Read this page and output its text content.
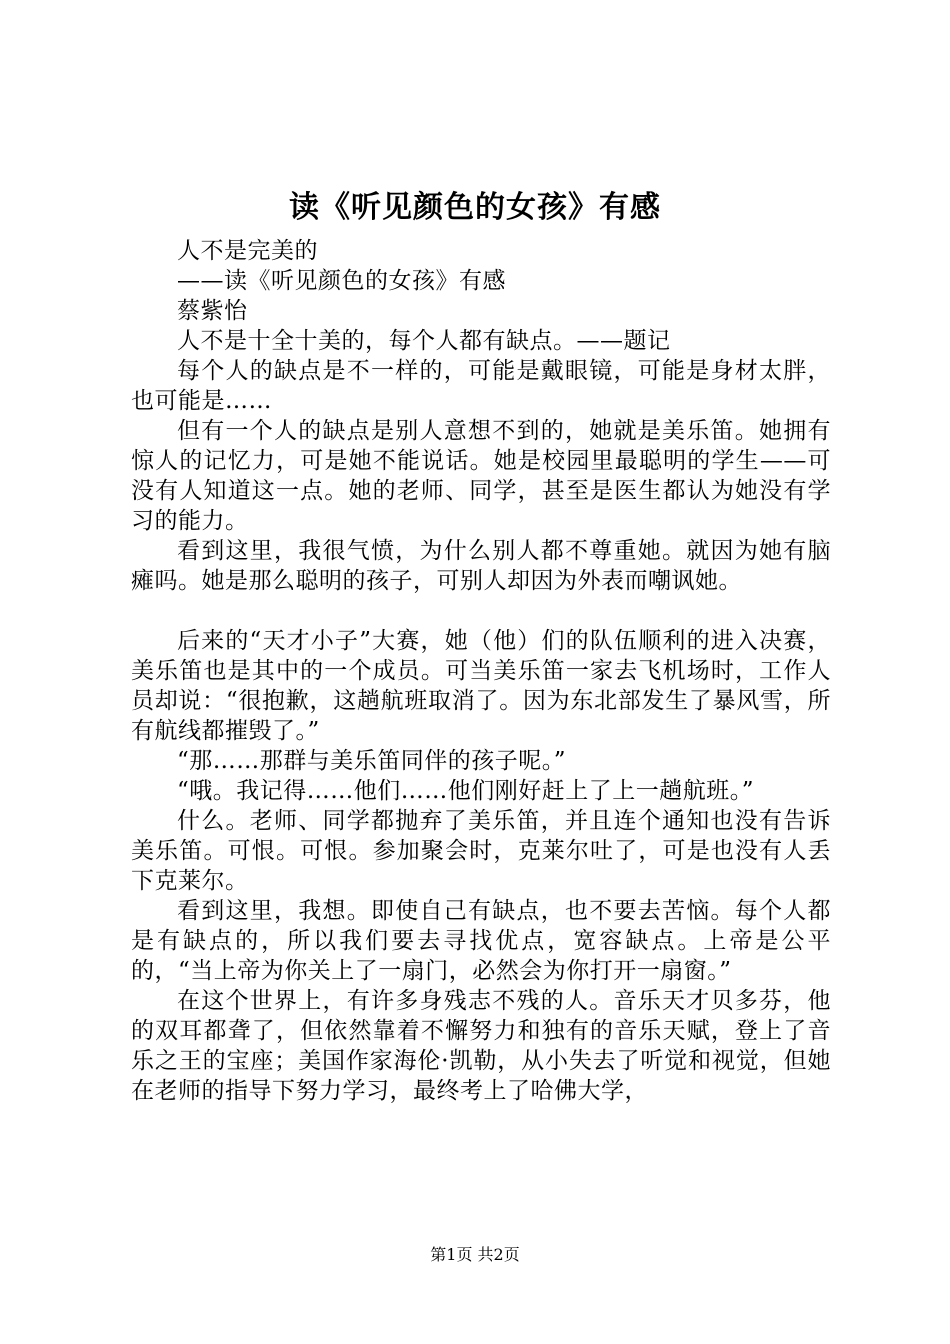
读《听见颜色的女孩》有感

人不是完美的

——读《听见颜色的女孩》有感

蔡紫怡

人不是十全十美的，每个人都有缺点。——题记

每个人的缺点是不一样的，可能是戴眼镜，可能是身材太胖，也可能是……

但有一个人的缺点是别人意想不到的，她就是美乐笛。她拥有惊人的记忆力，可是她不能说话。她是校园里最聪明的学生——可没有人知道这一点。她的老师、同学，甚至是医生都认为她没有学习的能力。

看到这里，我很气愤，为什么别人都不尊重她。就因为她有脑瘫吗。她是那么聪明的孩子，可别人却因为外表而嘲讽她。

后来的“天才小子”大赛，她（他）们的队伍顺利的进入决赛，美乐笛也是其中的一个成员。可当美乐笛一家去飞机场时，工作人员却说：“很抱歉，这趟航班取消了。因为东北部发生了暴风雪，所有航线都摧毁了。”

“那……那群与美乐笛同伴的孩子呢。”

“哦。我记得……他们……他们刚好赶上了上一趟航班。”

什么。老师、同学都抛弃了美乐笛，并且连个通知也没有告诉美乐笛。可恨。可恨。参加聚会时，克莱尔吐了，可是也没有人丢下克莱尔。

看到这里，我想。即使自己有缺点，也不要去苦恼。每个人都是有缺点的，所以我们要去寻找优点，宽容缺点。上帝是公平的，“当上帝为你关上了一扇门，必然会为你打开一扇窗。”

在这个世界上，有许多身残志不残的人。音乐天才贝多芬，他的双耳都聋了，但依然靠着不懈努力和独有的音乐天赋，登上了音乐之王的宝座；美国作家海伦·凯勒，从小失去了听觉和视觉，但她在老师的指导下努力学习，最终考上了哈佛大学，

第1页 共2页
